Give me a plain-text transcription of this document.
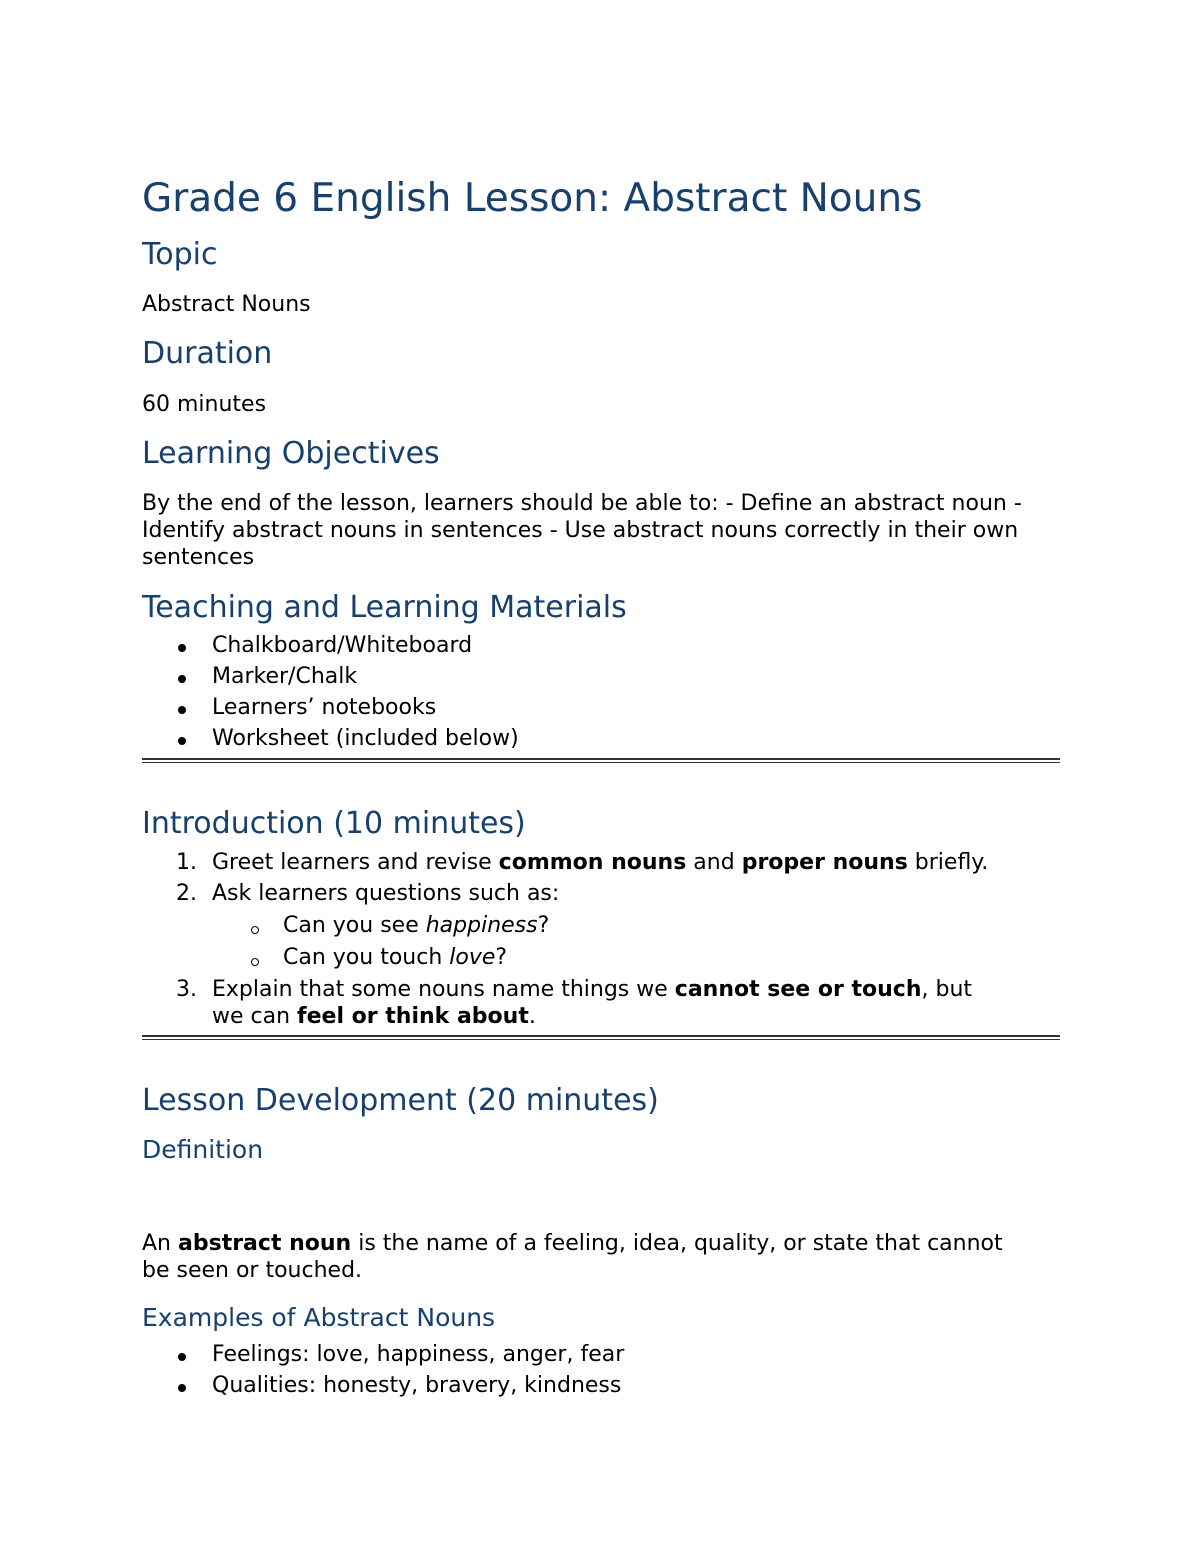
Grade 6 English Lesson: Abstract Nouns
Topic
Abstract Nouns
Duration
60 minutes
Learning Objectives
By the end of the lesson, learners should be able to: - Define an abstract noun - Identify abstract nouns in sentences - Use abstract nouns correctly in their own sentences
Teaching and Learning Materials
Chalkboard/Whiteboard
Marker/Chalk
Learners’ notebooks
Worksheet (included below)
Introduction (10 minutes)
1. Greet learners and revise common nouns and proper nouns briefly.
2. Ask learners questions such as:
Can you see happiness?
Can you touch love?
3. Explain that some nouns name things we cannot see or touch, but
we can feel or think about.
Lesson Development (20 minutes)
Definition
An abstract noun is the name of a feeling, idea, quality, or state that cannot be seen or touched.
Examples of Abstract Nouns
Feelings: love, happiness, anger, fear
Qualities: honesty, bravery, kindness
